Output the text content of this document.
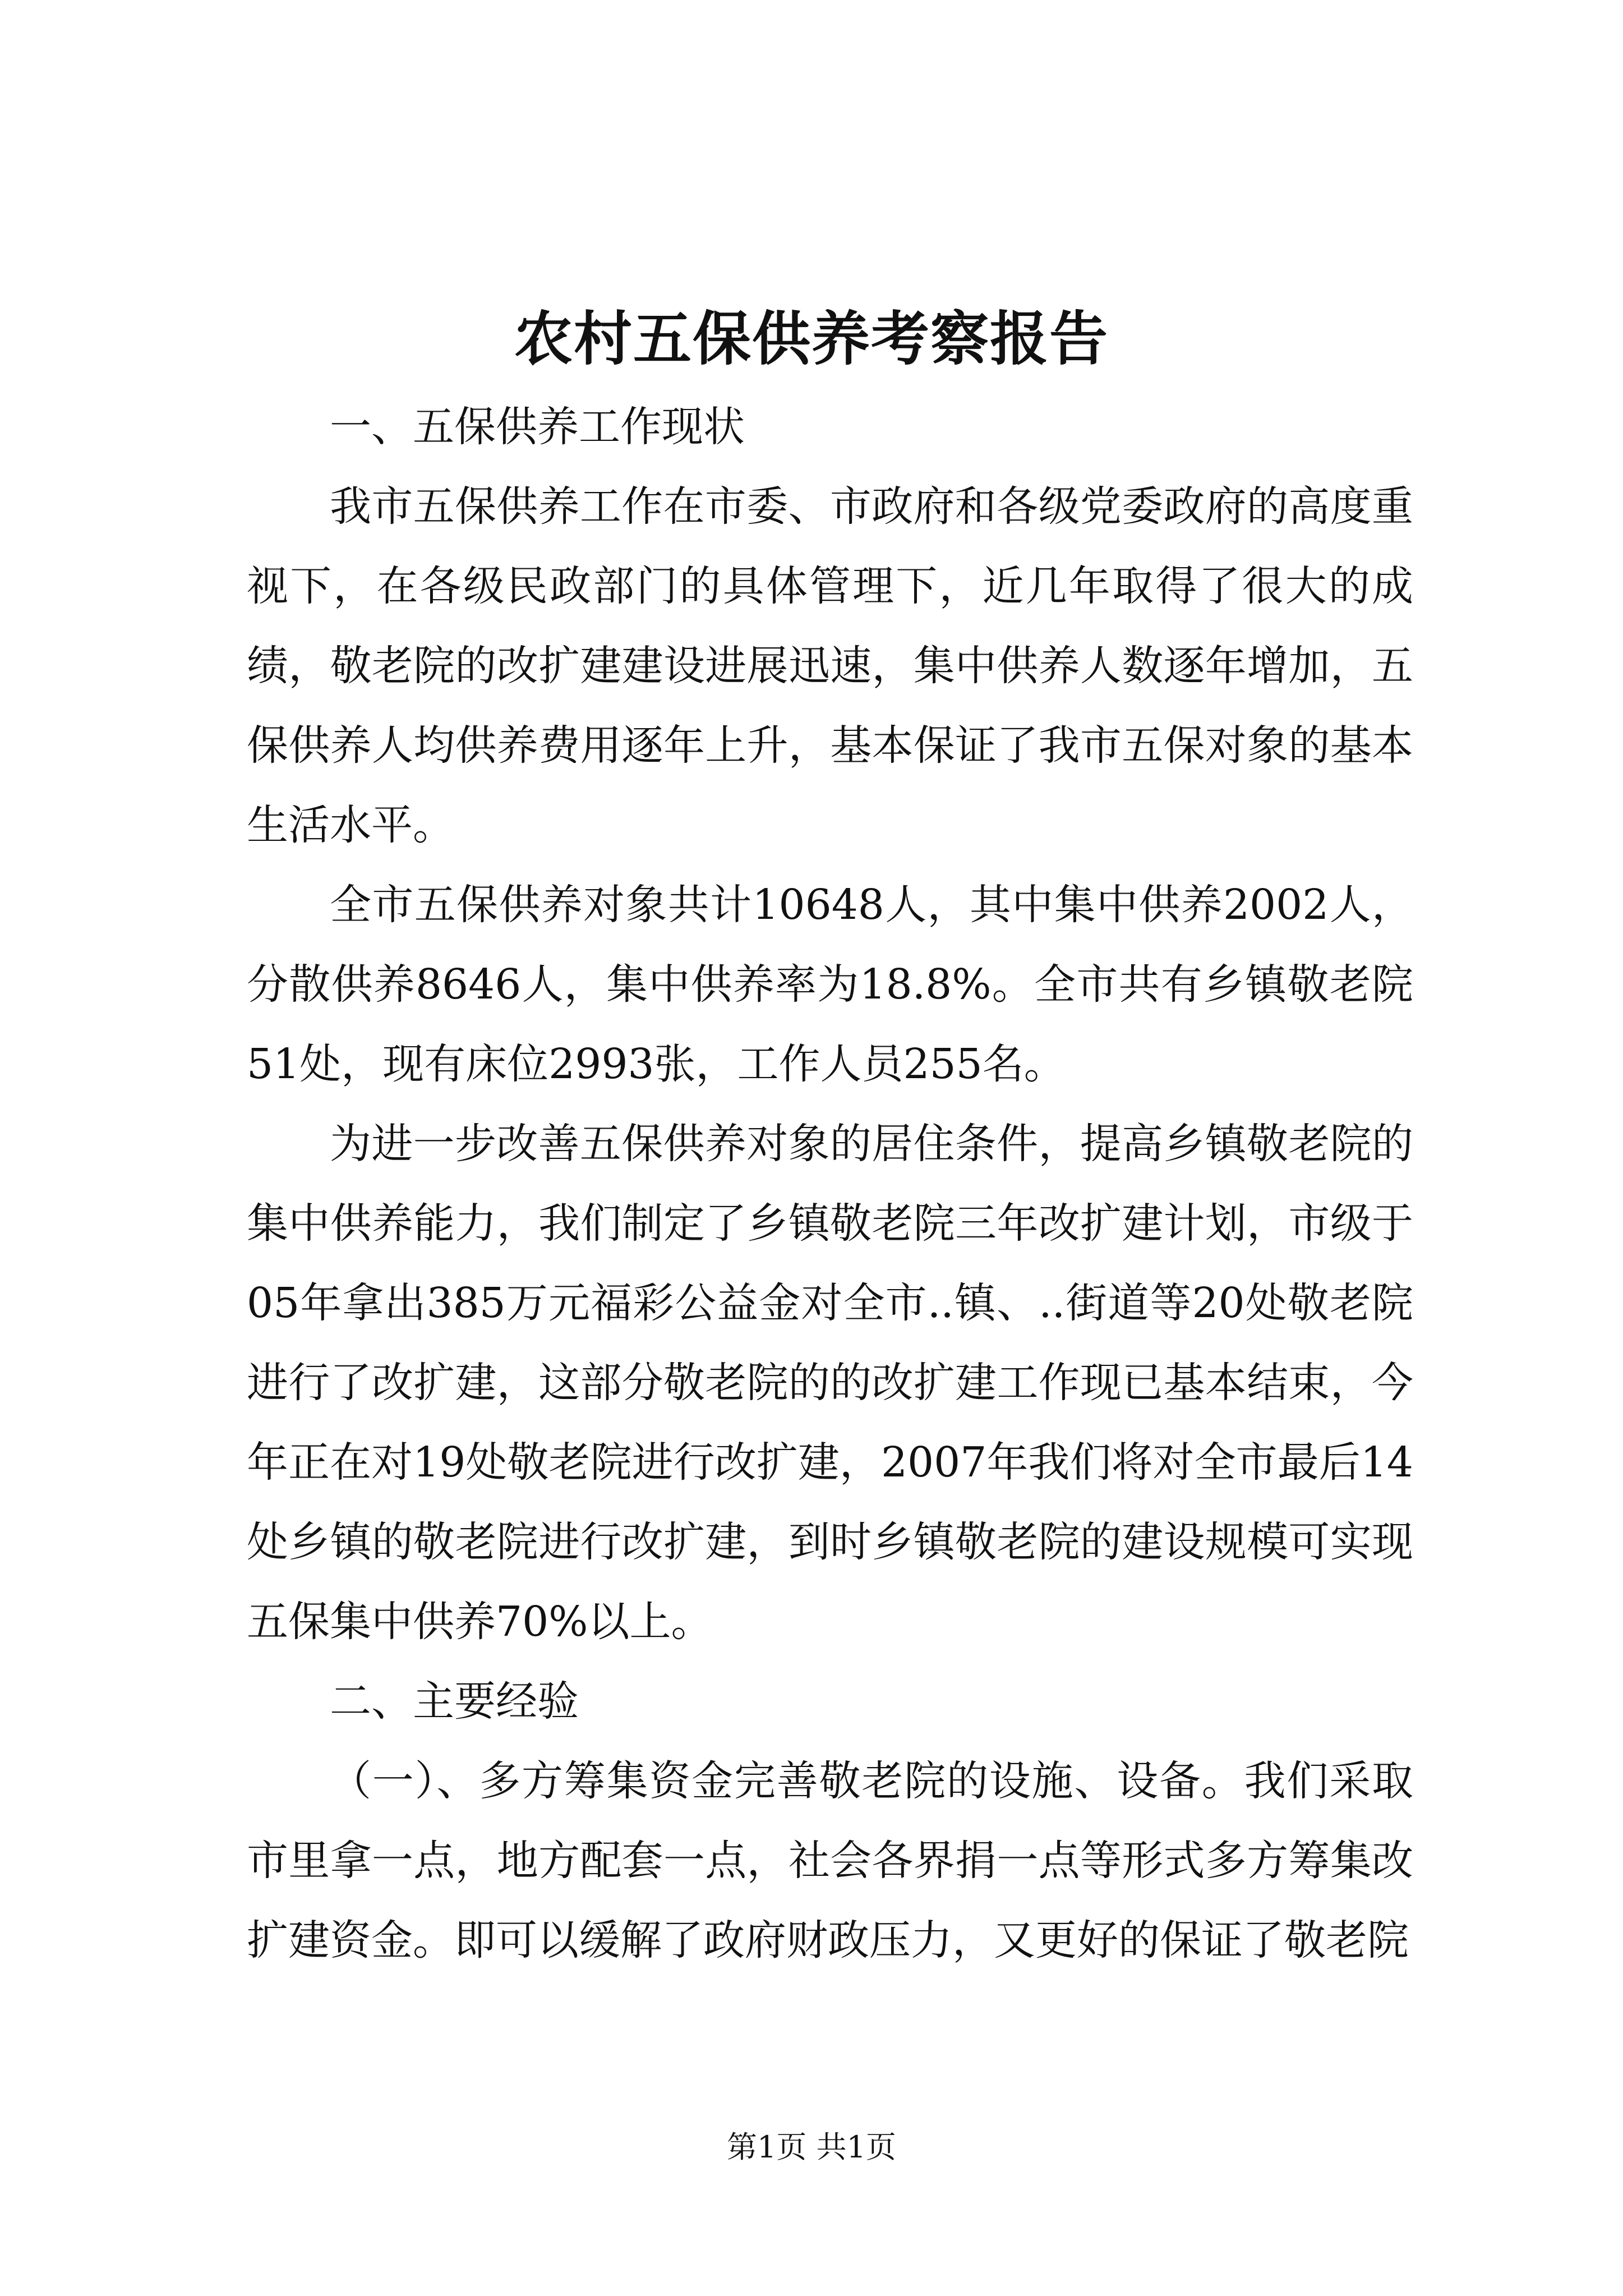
农村五保供养考察报告

一、五保供养工作现状

我市五保供养工作在市委、市政府和各级党委政府的高度重视下，在各级民政部门的具体管理下，近几年取得了很大的成绩，敬老院的改扩建建设进展迅速，集中供养人数逐年增加，五保供养人均供养费用逐年上升，基本保证了我市五保对象的基本生活水平。

全市五保供养对象共计10648人，其中集中供养2002人，分散供养8646人，集中供养率为18.8%。全市共有乡镇敬老院51处，现有床位2993张，工作人员255名。

为进一步改善五保供养对象的居住条件，提高乡镇敬老院的集中供养能力，我们制定了乡镇敬老院三年改扩建计划，市级于05年拿出385万元福彩公益金对全市..镇、..街道等20处敬老院进行了改扩建，这部分敬老院的的改扩建工作现已基本结束，今年正在对19处敬老院进行改扩建，2007年我们将对全市最后14处乡镇的敬老院进行改扩建，到时乡镇敬老院的建设规模可实现五保集中供养70%以上。

二、主要经验

（一）、多方筹集资金完善敬老院的设施、设备。我们采取市里拿一点，地方配套一点，社会各界捐一点等形式多方筹集改扩建资金。即可以缓解了政府财政压力，又更好的保证了敬老院

第1页 共1页
